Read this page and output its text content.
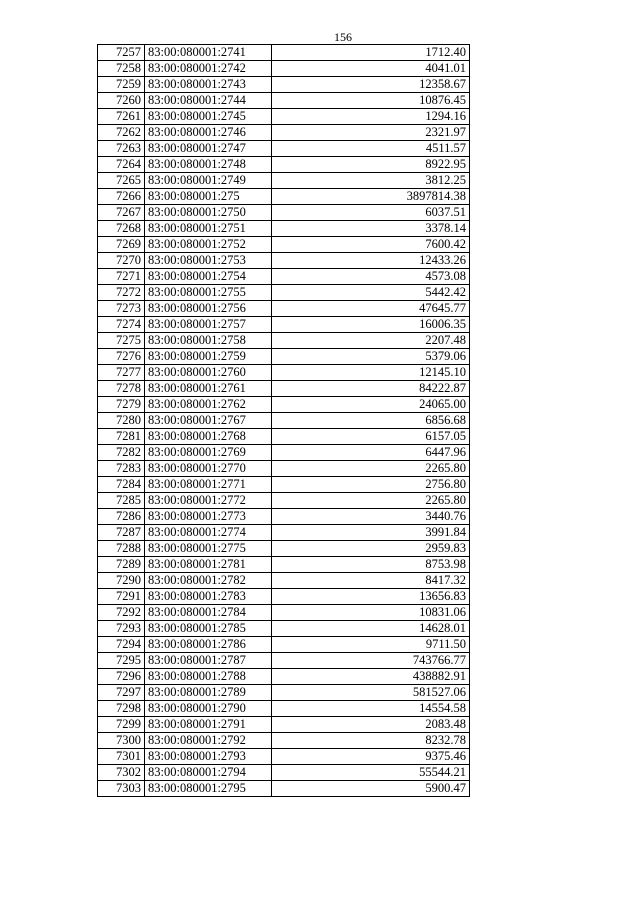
156
7257	83:00:080001:2741	1712.40
7258	83:00:080001:2742	4041.01
7259	83:00:080001:2743	12358.67
7260	83:00:080001:2744	10876.45
7261	83:00:080001:2745	1294.16
7262	83:00:080001:2746	2321.97
7263	83:00:080001:2747	4511.57
7264	83:00:080001:2748	8922.95
7265	83:00:080001:2749	3812.25
7266	83:00:080001:275	3897814.38
7267	83:00:080001:2750	6037.51
7268	83:00:080001:2751	3378.14
7269	83:00:080001:2752	7600.42
7270	83:00:080001:2753	12433.26
7271	83:00:080001:2754	4573.08
7272	83:00:080001:2755	5442.42
7273	83:00:080001:2756	47645.77
7274	83:00:080001:2757	16006.35
7275	83:00:080001:2758	2207.48
7276	83:00:080001:2759	5379.06
7277	83:00:080001:2760	12145.10
7278	83:00:080001:2761	84222.87
7279	83:00:080001:2762	24065.00
7280	83:00:080001:2767	6856.68
7281	83:00:080001:2768	6157.05
7282	83:00:080001:2769	6447.96
7283	83:00:080001:2770	2265.80
7284	83:00:080001:2771	2756.80
7285	83:00:080001:2772	2265.80
7286	83:00:080001:2773	3440.76
7287	83:00:080001:2774	3991.84
7288	83:00:080001:2775	2959.83
7289	83:00:080001:2781	8753.98
7290	83:00:080001:2782	8417.32
7291	83:00:080001:2783	13656.83
7292	83:00:080001:2784	10831.06
7293	83:00:080001:2785	14628.01
7294	83:00:080001:2786	9711.50
7295	83:00:080001:2787	743766.77
7296	83:00:080001:2788	438882.91
7297	83:00:080001:2789	581527.06
7298	83:00:080001:2790	14554.58
7299	83:00:080001:2791	2083.48
7300	83:00:080001:2792	8232.78
7301	83:00:080001:2793	9375.46
7302	83:00:080001:2794	55544.21
7303	83:00:080001:2795	5900.47
